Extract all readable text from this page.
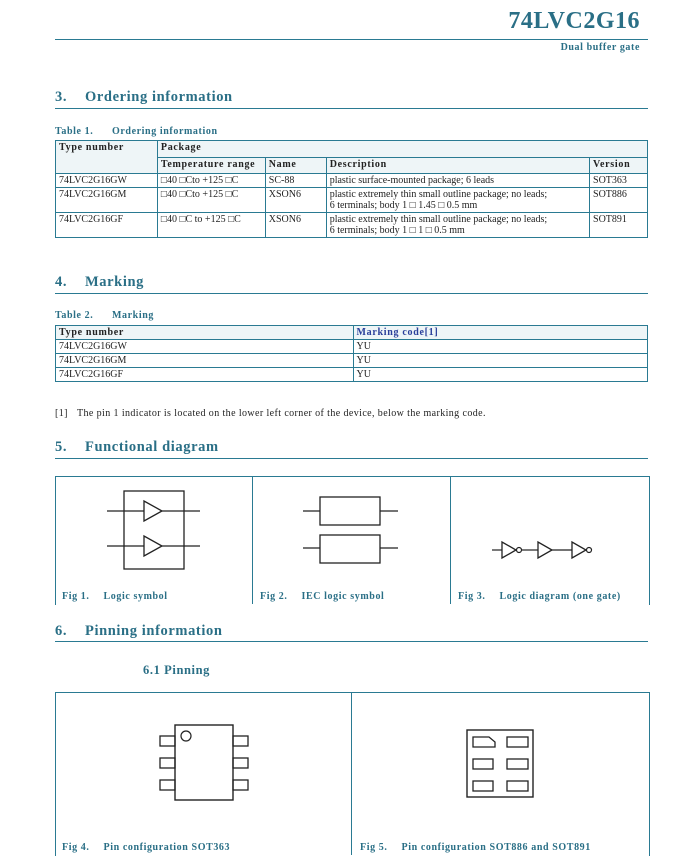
74LVC2G16
Dual buffer gate
3. Ordering information
Table 1. Ordering information
Type number	Package			
	Temperature range	Name	Description	Version
74LVC2G16GW	□40 □Cto +125 □C	SC-88	plastic surface-mounted package; 6 leads	SOT363
74LVC2G16GM	□40 □Cto +125 □C	XSON6	plastic extremely thin small outline package; no leads;
6 terminals; body 1 □ 1.45 □ 0.5 mm	SOT886
74LVC2G16GF	□40 □C to +125 □C	XSON6	plastic extremely thin small outline package; no leads;
6 terminals; body 1 □ 1 □ 0.5 mm	SOT891
4. Marking
Table 2. Marking
Type number	Marking code[1]
74LVC2G16GW	YU
74LVC2G16GM	YU
74LVC2G16GF	YU
[1] The pin 1 indicator is located on the lower left corner of the device, below the marking code.
5. Functional diagram
Fig 1. Logic symbol	Fig 2. IEC logic symbol	Fig 3. Logic diagram (one gate)
6. Pinning information
6.1 Pinning
Fig 4. Pin configuration SOT363	Fig 5. Pin configuration SOT886 and SOT891
